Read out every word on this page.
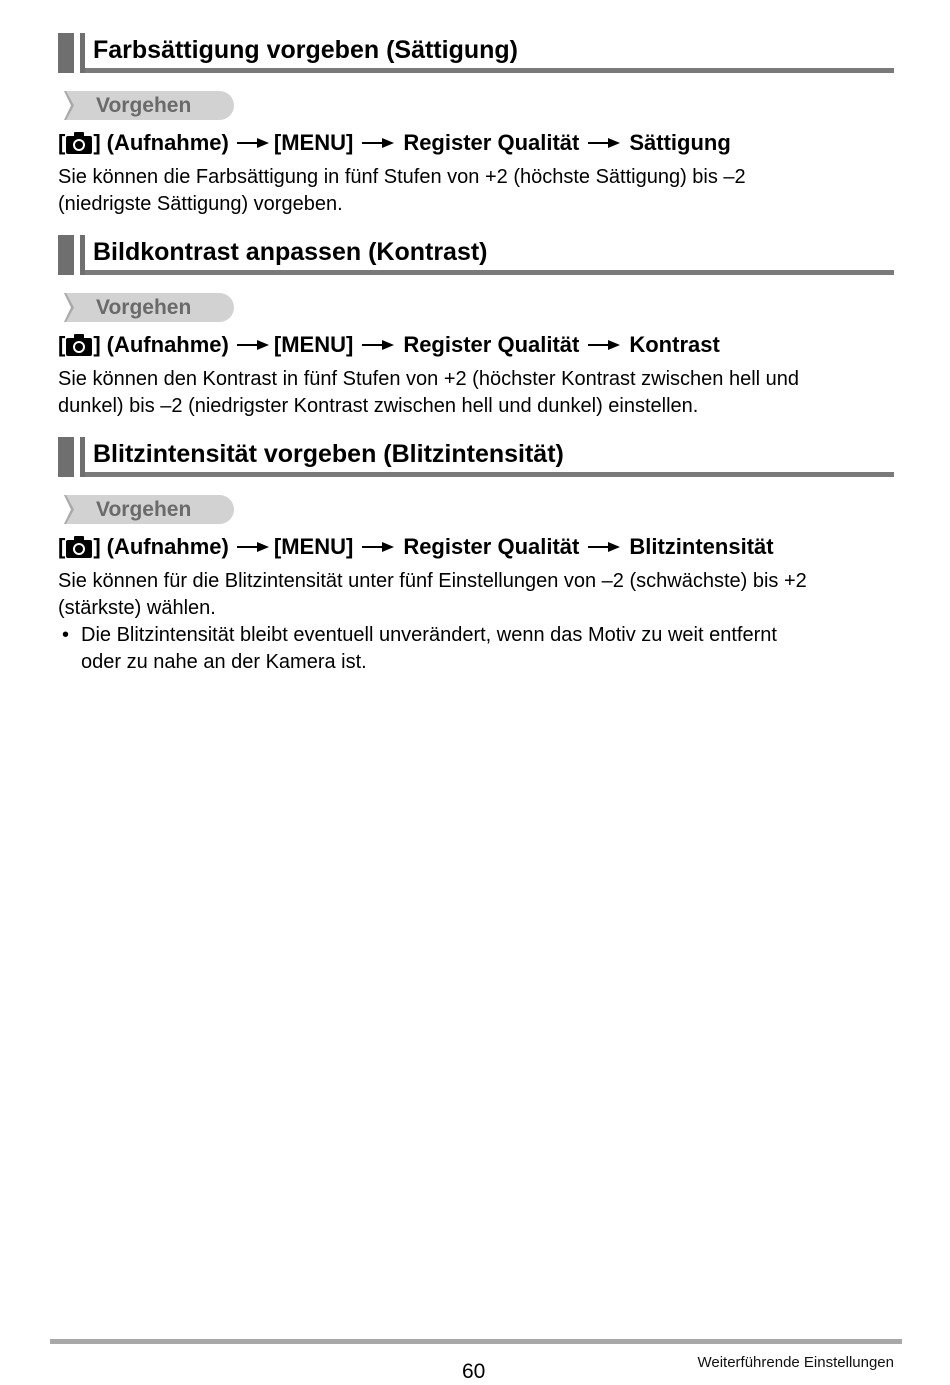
Farbsättigung vorgeben (Sättigung)
Vorgehen
[ ] (Aufnahme) [MENU] Register Qualität Sättigung
Sie können die Farbsättigung in fünf Stufen von +2 (höchste Sättigung) bis –2
(niedrigste Sättigung) vorgeben.
Bildkontrast anpassen (Kontrast)
Vorgehen
[ ] (Aufnahme) [MENU] Register Qualität Kontrast
Sie können den Kontrast in fünf Stufen von +2 (höchster Kontrast zwischen hell und
dunkel) bis –2 (niedrigster Kontrast zwischen hell und dunkel) einstellen.
Blitzintensität vorgeben (Blitzintensität)
Vorgehen
[ ] (Aufnahme) [MENU] Register Qualität Blitzintensität
Sie können für die Blitzintensität unter fünf Einstellungen von –2 (schwächste) bis +2
(stärkste) wählen.
• Die Blitzintensität bleibt eventuell unverändert, wenn das Motiv zu weit entfernt
oder zu nahe an der Kamera ist.
60	Weiterführende Einstellungen
